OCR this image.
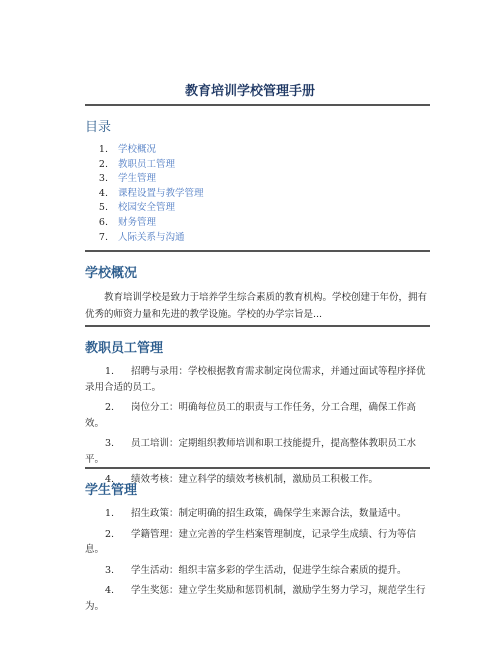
教育培训学校管理手册
目录
1.	学校概况
2.	教职员工管理
3.	学生管理
4.	课程设置与教学管理
5.	校园安全管理
6.	财务管理
7.	人际关系与沟通
学校概况
教育培训学校是致力于培养学生综合素质的教育机构。学校创建于年份，拥有优秀的师资力量和先进的教学设施。学校的办学宗旨是...
教职员工管理
1. 招聘与录用：学校根据教育需求制定岗位需求，并通过面试等程序择优录用合适的员工。
2. 岗位分工：明确每位员工的职责与工作任务，分工合理，确保工作高效。
3. 员工培训：定期组织教师培训和职工技能提升，提高整体教职员工水平。
4. 绩效考核：建立科学的绩效考核机制，激励员工积极工作。
学生管理
1. 招生政策：制定明确的招生政策，确保学生来源合法，数量适中。
2. 学籍管理：建立完善的学生档案管理制度，记录学生成绩、行为等信息。
3. 学生活动：组织丰富多彩的学生活动，促进学生综合素质的提升。
4. 学生奖惩：建立学生奖励和惩罚机制，激励学生努力学习，规范学生行为。
